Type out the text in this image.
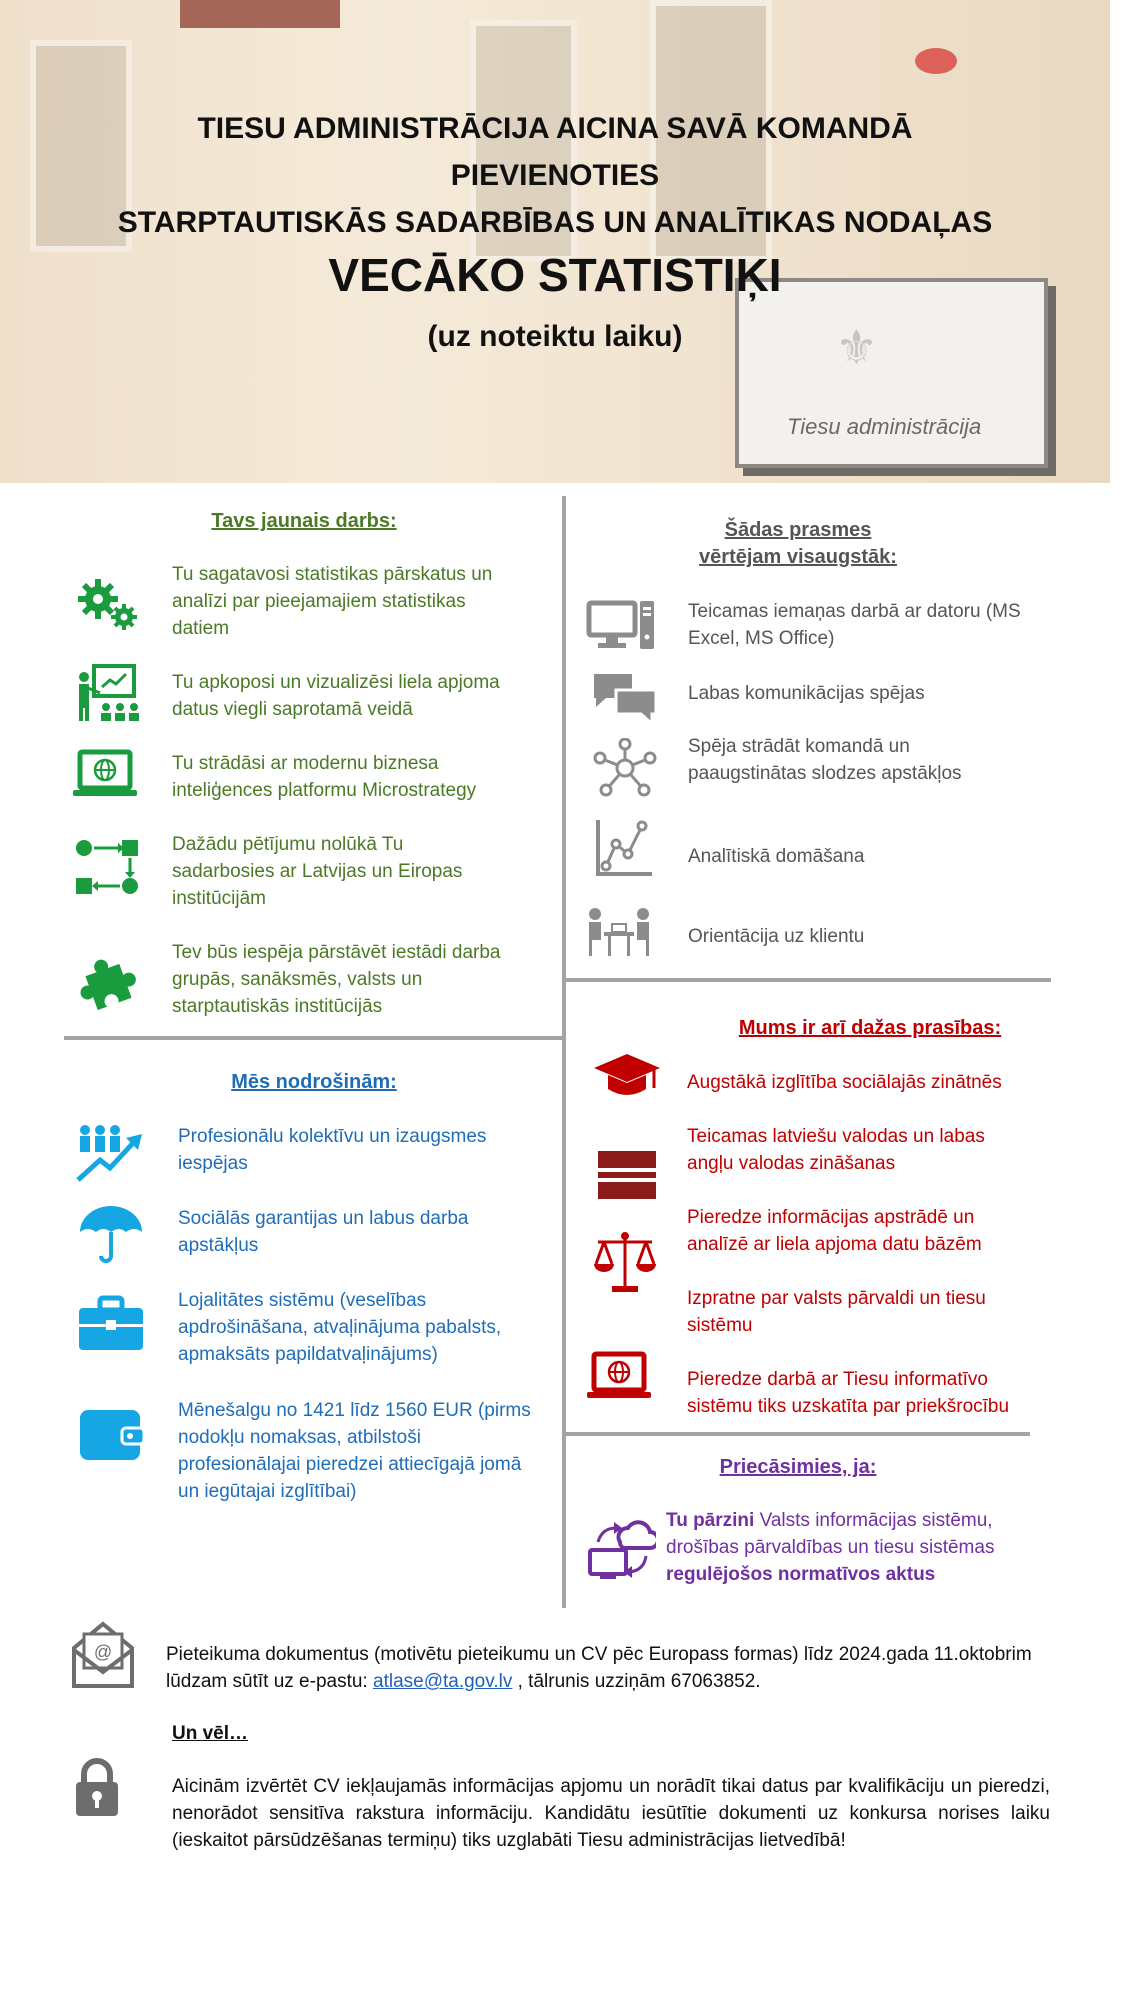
⚜
Tiesu administrācija
TIESU ADMINISTRĀCIJA AICINA SAVĀ KOMANDĀ
PIEVIENOTIES
STARPTAUTISKĀS SADARBĪBAS UN ANALĪTIKAS NODAĻAS
VECĀKO STATISTIĶI
(uz noteiktu laiku)
Tavs jaunais darbs:
Tu sagatavosi statistikas pārskatus un analīzi par pieejamajiem statistikas datiem
Tu apkoposi un vizualizēsi liela apjoma datus viegli saprotamā veidā
Tu strādāsi ar modernu biznesa inteliģences platformu Microstrategy
Dažādu pētījumu nolūkā Tu sadarbosies ar Latvijas un Eiropas institūcijām
Tev būs iespēja pārstāvēt iestādi darba grupās, sanāksmēs, valsts un starptautiskās institūcijās
Šādas prasmes
vērtējam visaugstāk:
Teicamas iemaņas darbā ar datoru (MS Excel, MS Office)
Labas komunikācijas spējas
Spēja strādāt komandā un paaugstinātas slodzes apstākļos
Analītiskā domāšana
Orientācija uz klientu
Mēs nodrošinām:
Profesionālu kolektīvu un izaugsmes iespējas
Sociālās garantijas un labus darba apstākļus
Lojalitātes sistēmu (veselības apdrošināšana, atvaļinājuma pabalsts, apmaksāts papildatvaļinājums)
Mēnešalgu no 1421 līdz 1560 EUR (pirms nodokļu nomaksas, atbilstoši profesionālajai pieredzei attiecīgajā jomā un iegūtajai izglītībai)
Mums ir arī dažas prasības:
Augstākā izglītība sociālajās zinātnēs
Teicamas latviešu valodas un labas angļu valodas zināšanas
Pieredze informācijas apstrādē un analīzē ar liela apjoma datu bāzēm
Izpratne par valsts pārvaldi un tiesu sistēmu
Pieredze darbā ar Tiesu informatīvo sistēmu tiks uzskatīta par priekšrocību
Priecāsimies, ja:
Tu pārzini Valsts informācijas sistēmu, drošības pārvaldības un tiesu sistēmas regulējošos normatīvos aktus
@	Pieteikuma dokumentus (motivētu pieteikumu un CV pēc Europass formas) līdz 2024.gada 11.oktobrim lūdzam sūtīt uz e-pastu: atlase@ta.gov.lv , tālrunis uzziņām 67063852.
Un vēl…
Aicinām izvērtēt CV iekļaujamās informācijas apjomu un norādīt tikai datus par kvalifikāciju un pieredzi, nenorādot sensitīva rakstura informāciju. Kandidātu iesūtītie dokumenti uz konkursa norises laiku (ieskaitot pārsūdzēšanas termiņu) tiks uzglabāti Tiesu administrācijas lietvedībā!
